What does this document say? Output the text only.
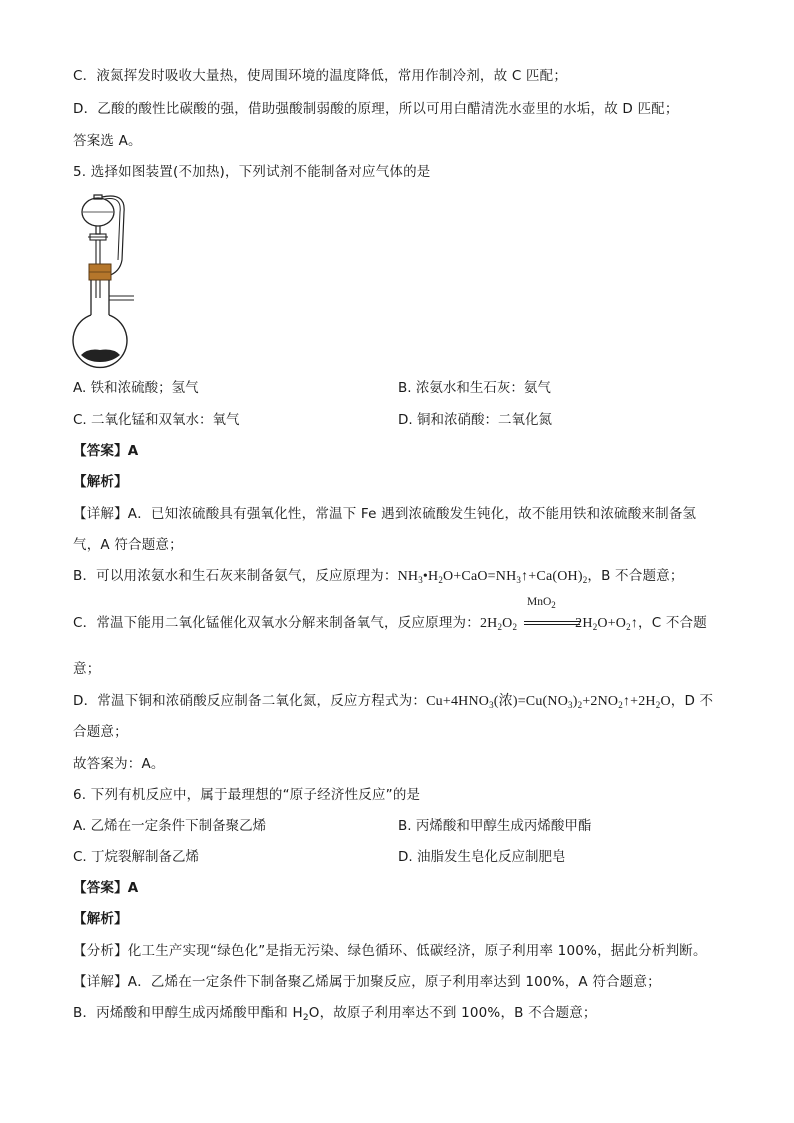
C．液氮挥发时吸收大量热，使周围环境的温度降低，常用作制冷剂，故 C 匹配；
D．乙酸的酸性比碳酸的强，借助强酸制弱酸的原理，所以可用白醋清洗水壶里的水垢，故 D 匹配；
答案选 A。
5. 选择如图装置(不加热)，下列试剂不能制备对应气体的是
A. 铁和浓硫酸；氢气	B. 浓氨水和生石灰：氨气
C. 二氧化锰和双氧水：氧气	D. 铜和浓硝酸：二氧化氮
【答案】A
【解析】
【详解】A．已知浓硫酸具有强氧化性，常温下 Fe 遇到浓硫酸发生钝化，故不能用铁和浓硫酸来制备氢
气，A 符合题意；
B．可以用浓氨水和生石灰来制备氨气，反应原理为：$NH_3•H_2O+CaO=NH_3↑+Ca(OH)_2$，B 不合题意；
C．常温下能用二氧化锰催化双氧水分解来制备氧气，反应原理为：$2H_2O_2$	$2H_2O+O_2↑$，C 不合题
MnO$_2$
意；
D．常温下铜和浓硝酸反应制备二氧化氮，反应方程式为：$Cu+4HNO_3$(浓)$=Cu(NO_3)_2+2NO_2↑+2H_2O$，D 不
合题意；
故答案为：A。
6. 下列有机反应中，属于最理想的“原子经济性反应”的是
A. 乙烯在一定条件下制备聚乙烯	B. 丙烯酸和甲醇生成丙烯酸甲酯
C. 丁烷裂解制备乙烯	D. 油脂发生皂化反应制肥皂
【答案】A
【解析】
【分析】化工生产实现“绿色化”是指无污染、绿色循环、低碳经济，原子利用率 100%，据此分析判断。
【详解】A．乙烯在一定条件下制备聚乙烯属于加聚反应，原子利用率达到 100%，A 符合题意；
B．丙烯酸和甲醇生成丙烯酸甲酯和 $H_2O$，故原子利用率达不到 100%，B 不合题意；
